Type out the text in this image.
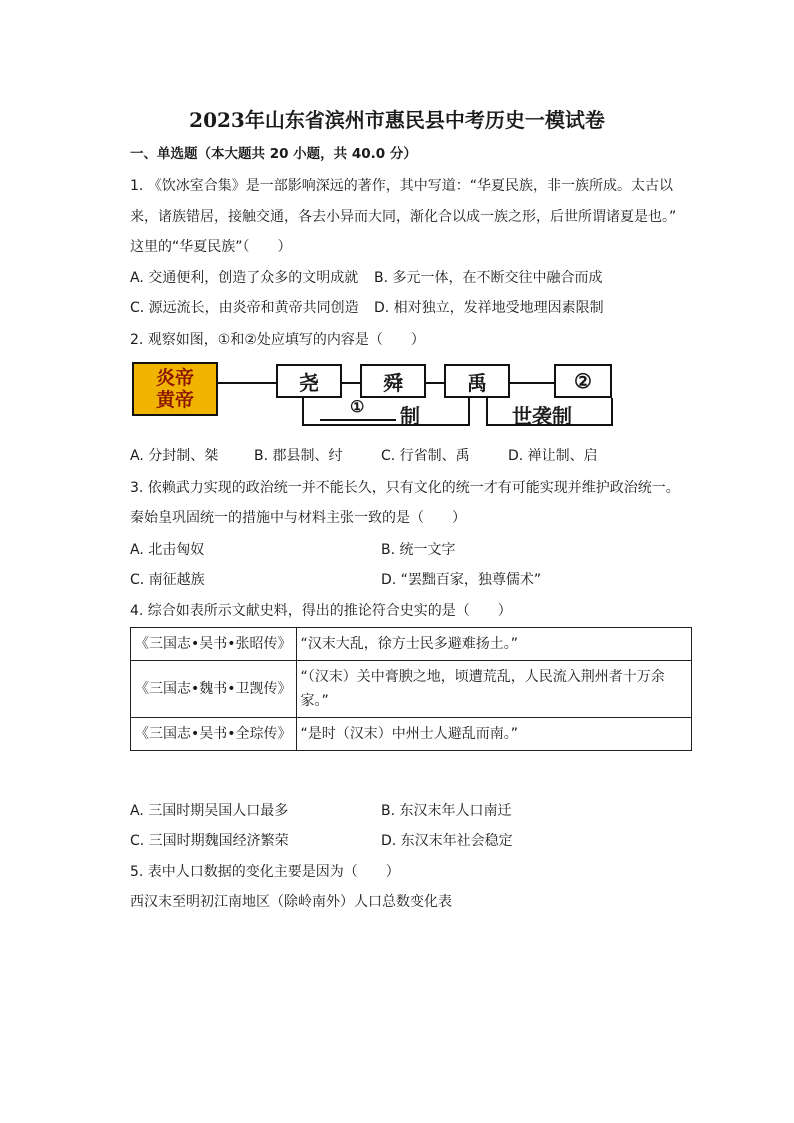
2023年山东省滨州市惠民县中考历史一模试卷
一、单选题（本大题共 20 小题，共 40.0 分）
1. 《饮冰室合集》是一部影响深远的著作，其中写道：“华夏民族，非一族所成。太古以
来，诸族错居，接触交通，各去小异而大同，渐化合以成一族之形，后世所谓诸夏是也。”
这里的“华夏民族”（　　）
A. 交通便利，创造了众多的文明成就 B. 多元一体，在不断交往中融合而成
C. 源远流长，由炎帝和黄帝共同创造 D. 相对独立，发祥地受地理因素限制
2. 观察如图，①和②处应填写的内容是（　　）
炎帝
黄帝
尧	舜	禹	②
① 制	世袭制
A. 分封制、桀	B. 郡县制、纣	C. 行省制、禹	D. 禅让制、启
3. 依赖武力实现的政治统一并不能长久，只有文化的统一才有可能实现并维护政治统一。
秦始皇巩固统一的措施中与材料主张一致的是（　　）
A. 北击匈奴	B. 统一文字
C. 南征越族	D. “罢黜百家，独尊儒术”
4. 综合如表所示文献史料，得出的推论符合史实的是（　　）
《三国志•吴书•张昭传》	“汉末大乱，徐方士民多避难扬土。”
《三国志•魏书•卫觊传》	“（汉末）关中膏腴之地，顷遭荒乱，人民流入荆州者十万余家。”
《三国志•吴书•全琮传》	“是时（汉末）中州士人避乱而南。”
A. 三国时期吴国人口最多	B. 东汉末年人口南迁
C. 三国时期魏国经济繁荣	D. 东汉末年社会稳定
5. 表中人口数据的变化主要是因为（　　）
西汉末至明初江南地区（除岭南外）人口总数变化表
